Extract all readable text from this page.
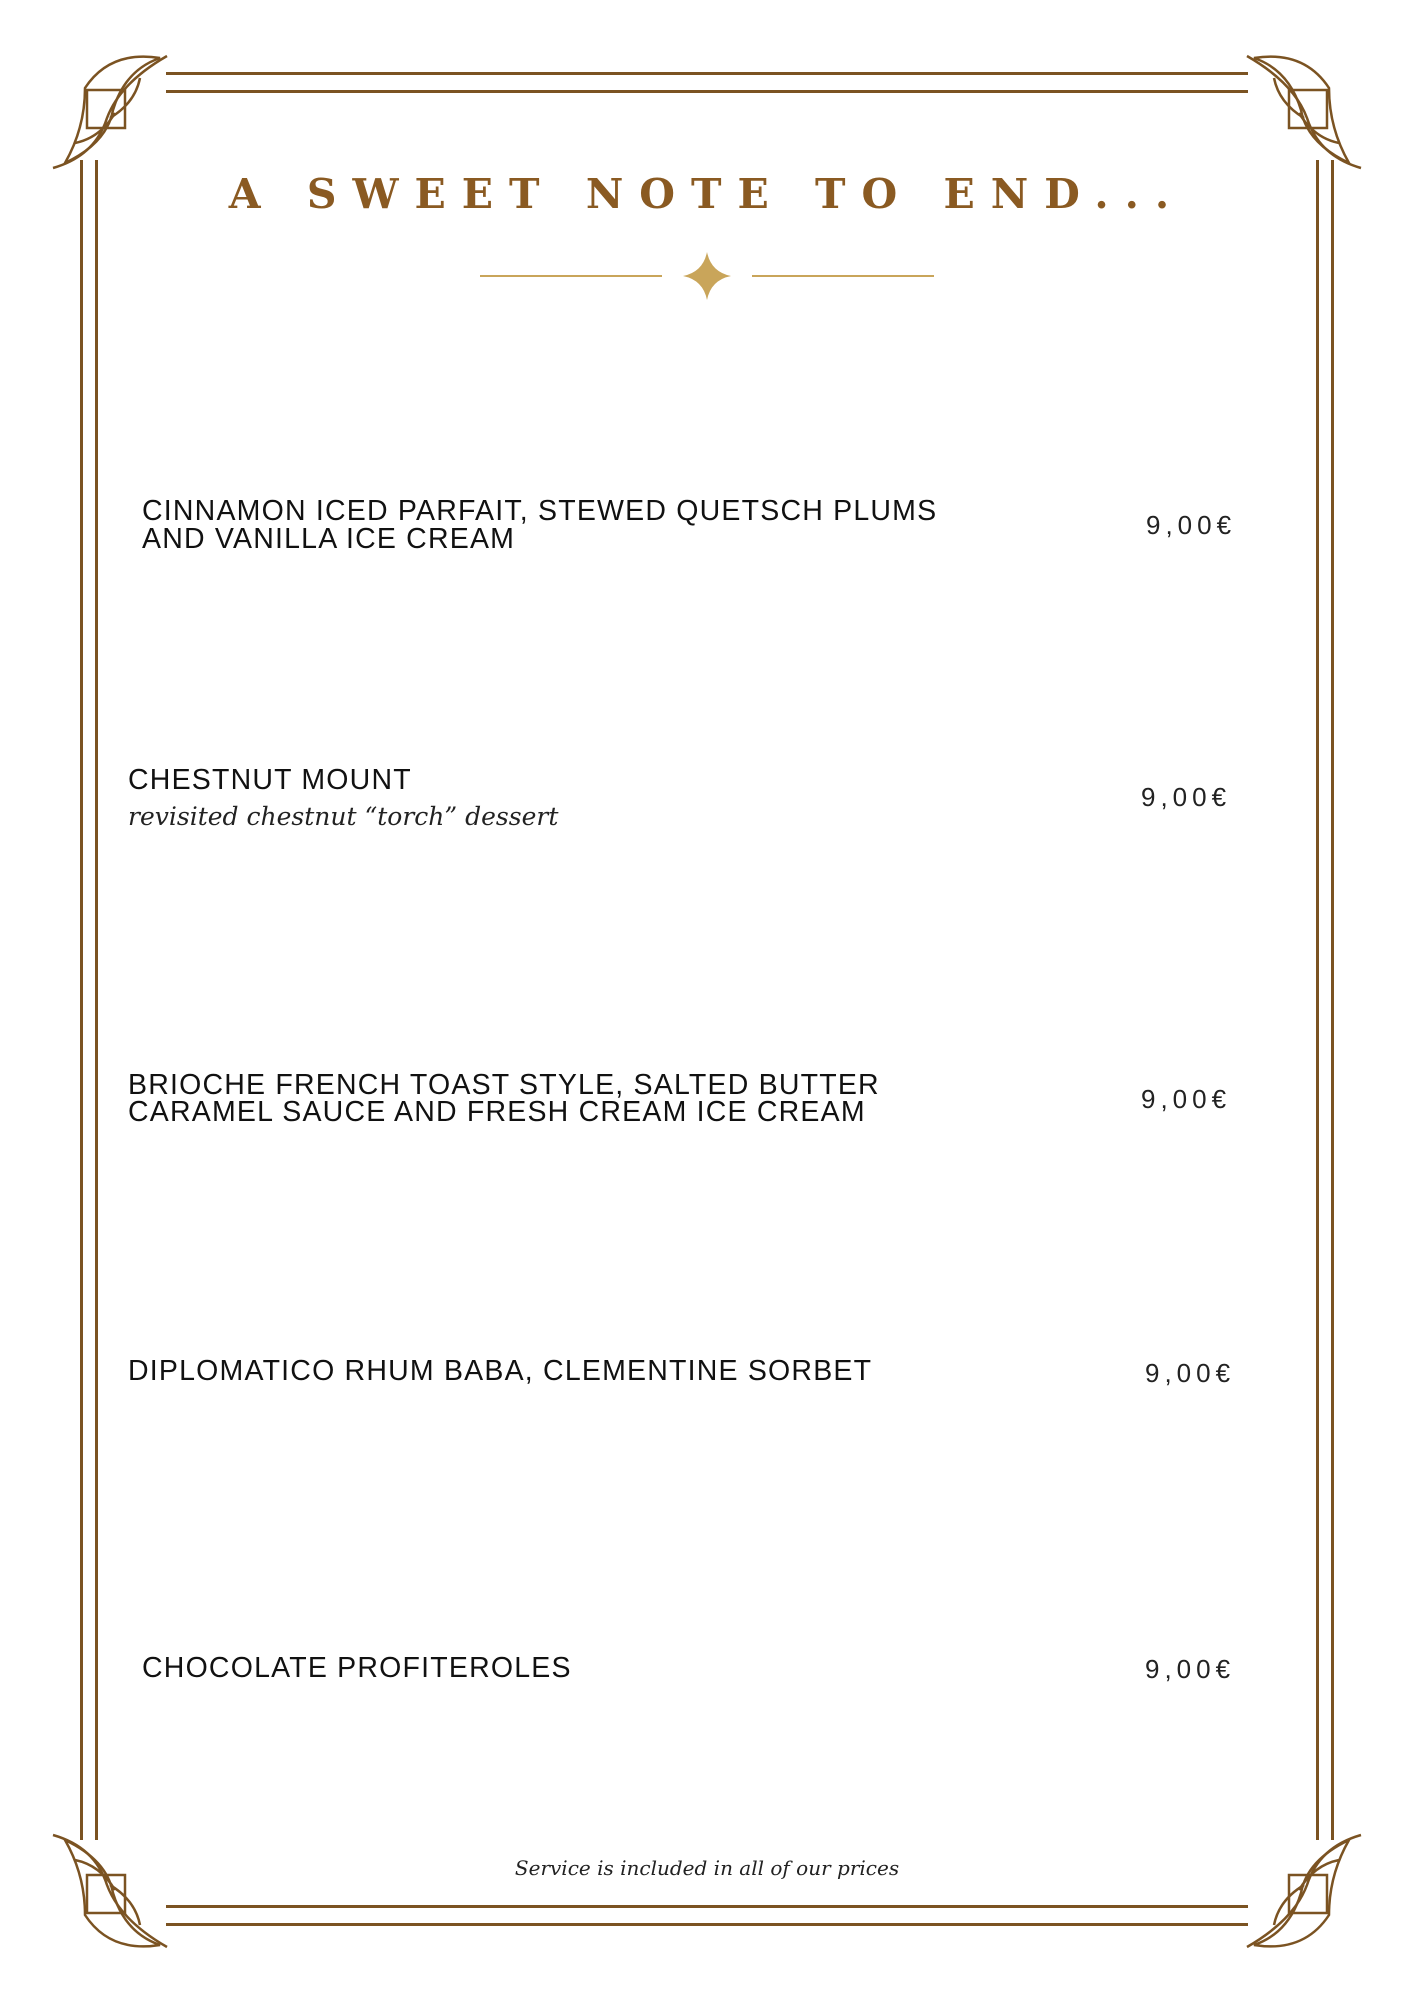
A SWEET NOTE TO END...

CINNAMON ICED PARFAIT, STEWED QUETSCH PLUMS

AND VANILLA ICE CREAM	9,00€

CHESTNUT MOUNT

revisited chestnut “torch” dessert

9,00€

BRIOCHE FRENCH TOAST STYLE, SALTED BUTTER

CARAMEL SAUCE AND FRESH CREAM ICE CREAM	9,00€

DIPLOMATICO RHUM BABA, CLEMENTINE SORBET	9,00€

CHOCOLATE PROFITEROLES	9,00€

Service is included in all of our prices
